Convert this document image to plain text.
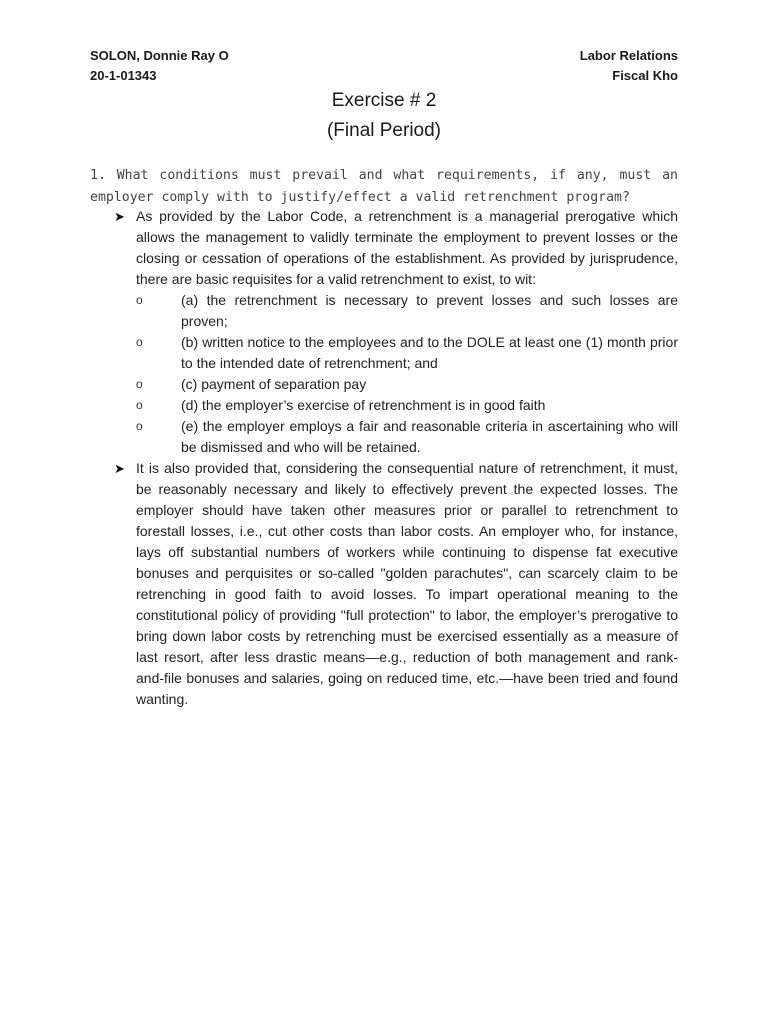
SOLON, Donnie Ray O
20-1-01343
Labor Relations
Fiscal Kho
Exercise # 2
(Final Period)

1. What conditions must prevail and what requirements, if any, must an employer comply with to justify/effect a valid retrenchment program?

➤ As provided by the Labor Code, a retrenchment is a managerial prerogative which allows the management to validly terminate the employment to prevent losses or the closing or cessation of operations of the establishment. As provided by jurisprudence, there are basic requisites for a valid retrenchment to exist, to wit:

o	(a) the retrenchment is necessary to prevent losses and such losses are proven;
o	(b) written notice to the employees and to the DOLE at least one (1) month prior to the intended date of retrenchment; and
o	(c) payment of separation pay
o	(d) the employer’s exercise of retrenchment is in good faith
o	(e) the employer employs a fair and reasonable criteria in ascertaining who will be dismissed and who will be retained.
➤ It is also provided that, considering the consequential nature of retrenchment, it must, be reasonably necessary and likely to effectively prevent the expected losses. The employer should have taken other measures prior or parallel to retrenchment to forestall losses, i.e., cut other costs than labor costs. An employer who, for instance, lays off substantial numbers of workers while continuing to dispense fat executive bonuses and perquisites or so-called "golden parachutes", can scarcely claim to be retrenching in good faith to avoid losses. To impart operational meaning to the constitutional policy of providing "full protection" to labor, the employer’s prerogative to bring down labor costs by retrenching must be exercised essentially as a measure of last resort, after less drastic means—e.g., reduction of both management and rank-and-file bonuses and salaries, going on reduced time, etc.—have been tried and found wanting.
